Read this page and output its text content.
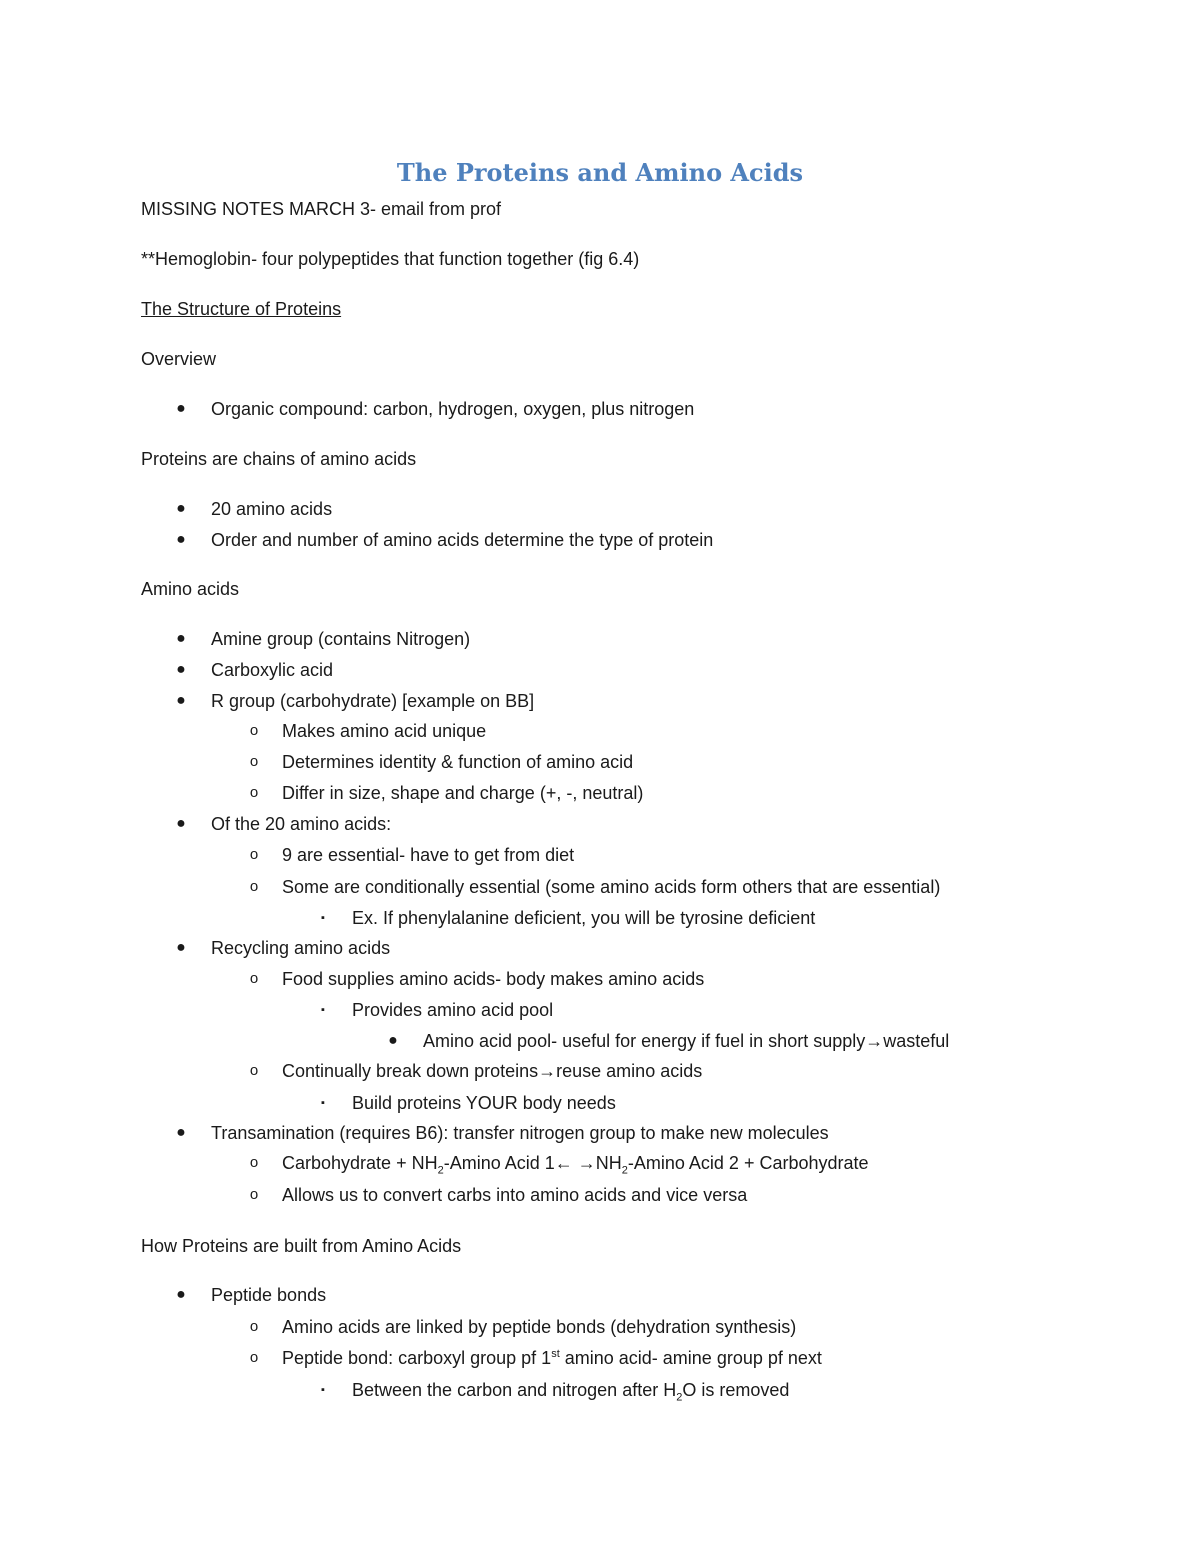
The Proteins and Amino Acids
MISSING NOTES MARCH 3- email from prof
**Hemoglobin- four polypeptides that function together (fig 6.4)
The Structure of Proteins
Overview
● Organic compound: carbon, hydrogen, oxygen, plus nitrogen
Proteins are chains of amino acids
● 20 amino acids
● Order and number of amino acids determine the type of protein
Amino acids
● Amine group (contains Nitrogen)
● Carboxylic acid
● R group (carbohydrate) [example on BB]
o Makes amino acid unique
o Determines identity & function of amino acid
o Differ in size, shape and charge (+, -, neutral)
● Of the 20 amino acids:
o 9 are essential- have to get from diet
o Some are conditionally essential (some amino acids form others that are essential)
▪ Ex. If phenylalanine deficient, you will be tyrosine deficient
● Recycling amino acids
o Food supplies amino acids- body makes amino acids
▪ Provides amino acid pool
● Amino acid pool- useful for energy if fuel in short supply→wasteful
o Continually break down proteins→reuse amino acids
▪ Build proteins YOUR body needs
● Transamination (requires B6): transfer nitrogen group to make new molecules
o Carbohydrate + $NH_2$-Amino Acid 1← $\to NH_2$-Amino Acid 2 + Carbohydrate
o Allows us to convert carbs into amino acids and vice versa
How Proteins are built from Amino Acids
● Peptide bonds
o Amino acids are linked by peptide bonds (dehydration synthesis)
o Peptide bond: carboxyl group pf 1st amino acid- amine group pf next
▪ Between the carbon and nitrogen after $H_2O$ is removed
